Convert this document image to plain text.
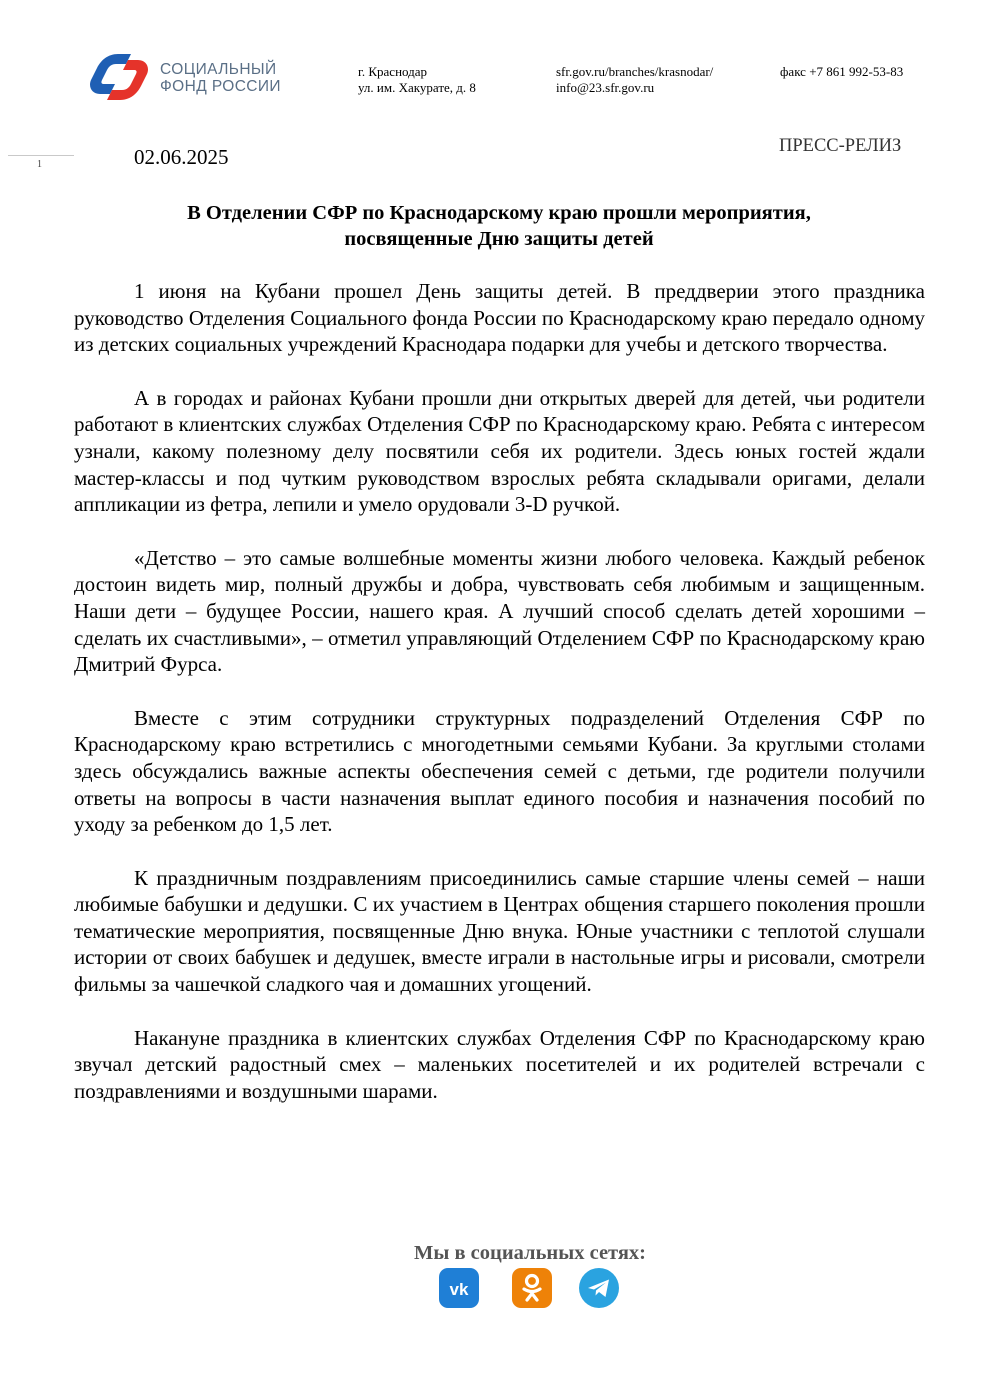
СОЦИАЛЬНЫЙ
ФОНД РОССИИ
г. Краснодар
ул. им. Хакурате, д. 8
sfr.gov.ru/branches/krasnodar/
info@23.sfr.gov.ru
факс +7 861 992-53-83
1	02.06.2025	ПРЕСС-РЕЛИЗ
В Отделении СФР по Краснодарскому краю прошли мероприятия,
посвященные Дню защиты детей

1 июня на Кубани прошел День защиты детей. В преддверии этого праздника руководство Отделения Социального фонда России по Краснодарскому краю передало одному из детских социальных учреждений Краснодара подарки для учебы и детского творчества.

А в городах и районах Кубани прошли дни открытых дверей для детей, чьи родители работают в клиентских службах Отделения СФР по Краснодарскому краю. Ребята с интересом узнали, какому полезному делу посвятили себя их родители. Здесь юных гостей ждали мастер-классы и под чутким руководством взрослых ребята складывали оригами, делали аппликации из фетра, лепили и умело орудовали 3-D ручкой.

«Детство – это самые волшебные моменты жизни любого человека. Каждый ребенок достоин видеть мир, полный дружбы и добра, чувствовать себя любимым и защищенным. Наши дети – будущее России, нашего края. А лучший способ сделать детей хорошими – сделать их счастливыми», – отметил управляющий Отделением СФР по Краснодарскому краю Дмитрий Фурса.

Вместе с этим сотрудники структурных подразделений Отделения СФР по Краснодарскому краю встретились с многодетными семьями Кубани. За круглыми столами здесь обсуждались важные аспекты обеспечения семей с детьми, где родители получили ответы на вопросы в части назначения выплат единого пособия и назначения пособий по уходу за ребенком до 1,5 лет.

К праздничным поздравлениям присоединились самые старшие члены семей – наши любимые бабушки и дедушки. С их участием в Центрах общения старшего поколения прошли тематические мероприятия, посвященные Дню внука. Юные участники с теплотой слушали истории от своих бабушек и дедушек, вместе играли в настольные игры и рисовали, смотрели фильмы за чашечкой сладкого чая и домашних угощений.

Накануне праздника в клиентских службах Отделения СФР по Краснодарскому краю звучал детский радостный смех – маленьких посетителей и их родителей встречали с поздравлениями и воздушными шарами.

Мы в социальных сетях:
vk
